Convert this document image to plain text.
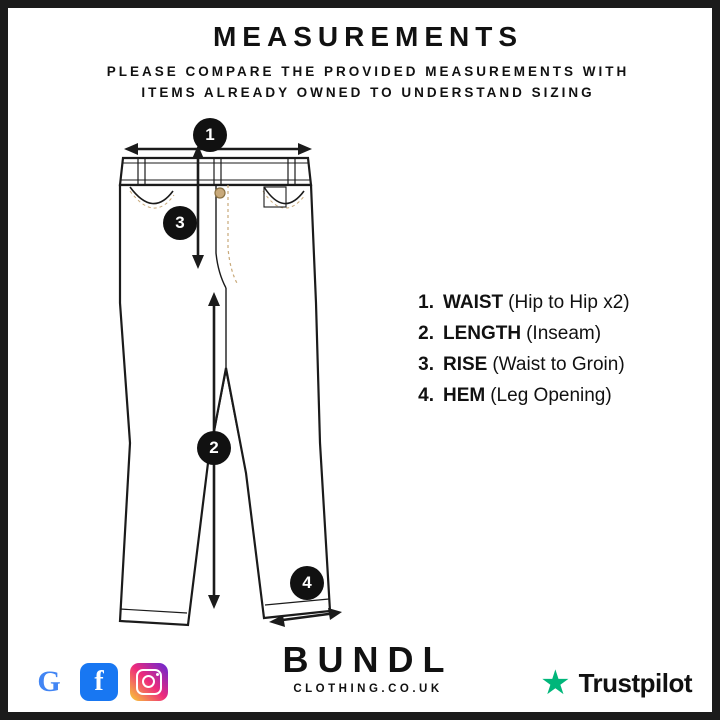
MEASUREMENTS
PLEASE COMPARE THE PROVIDED MEASUREMENTS WITH
ITEMS ALREADY OWNED TO UNDERSTAND SIZING
1
3
2
4
1. WAIST (Hip to Hip x2)
2. LENGTH (Inseam)
3. RISE (Waist to Groin)
4. HEM (Leg Opening)
BUNDL
CLOTHING.CO.UK
G	f	★ Trustpilot
